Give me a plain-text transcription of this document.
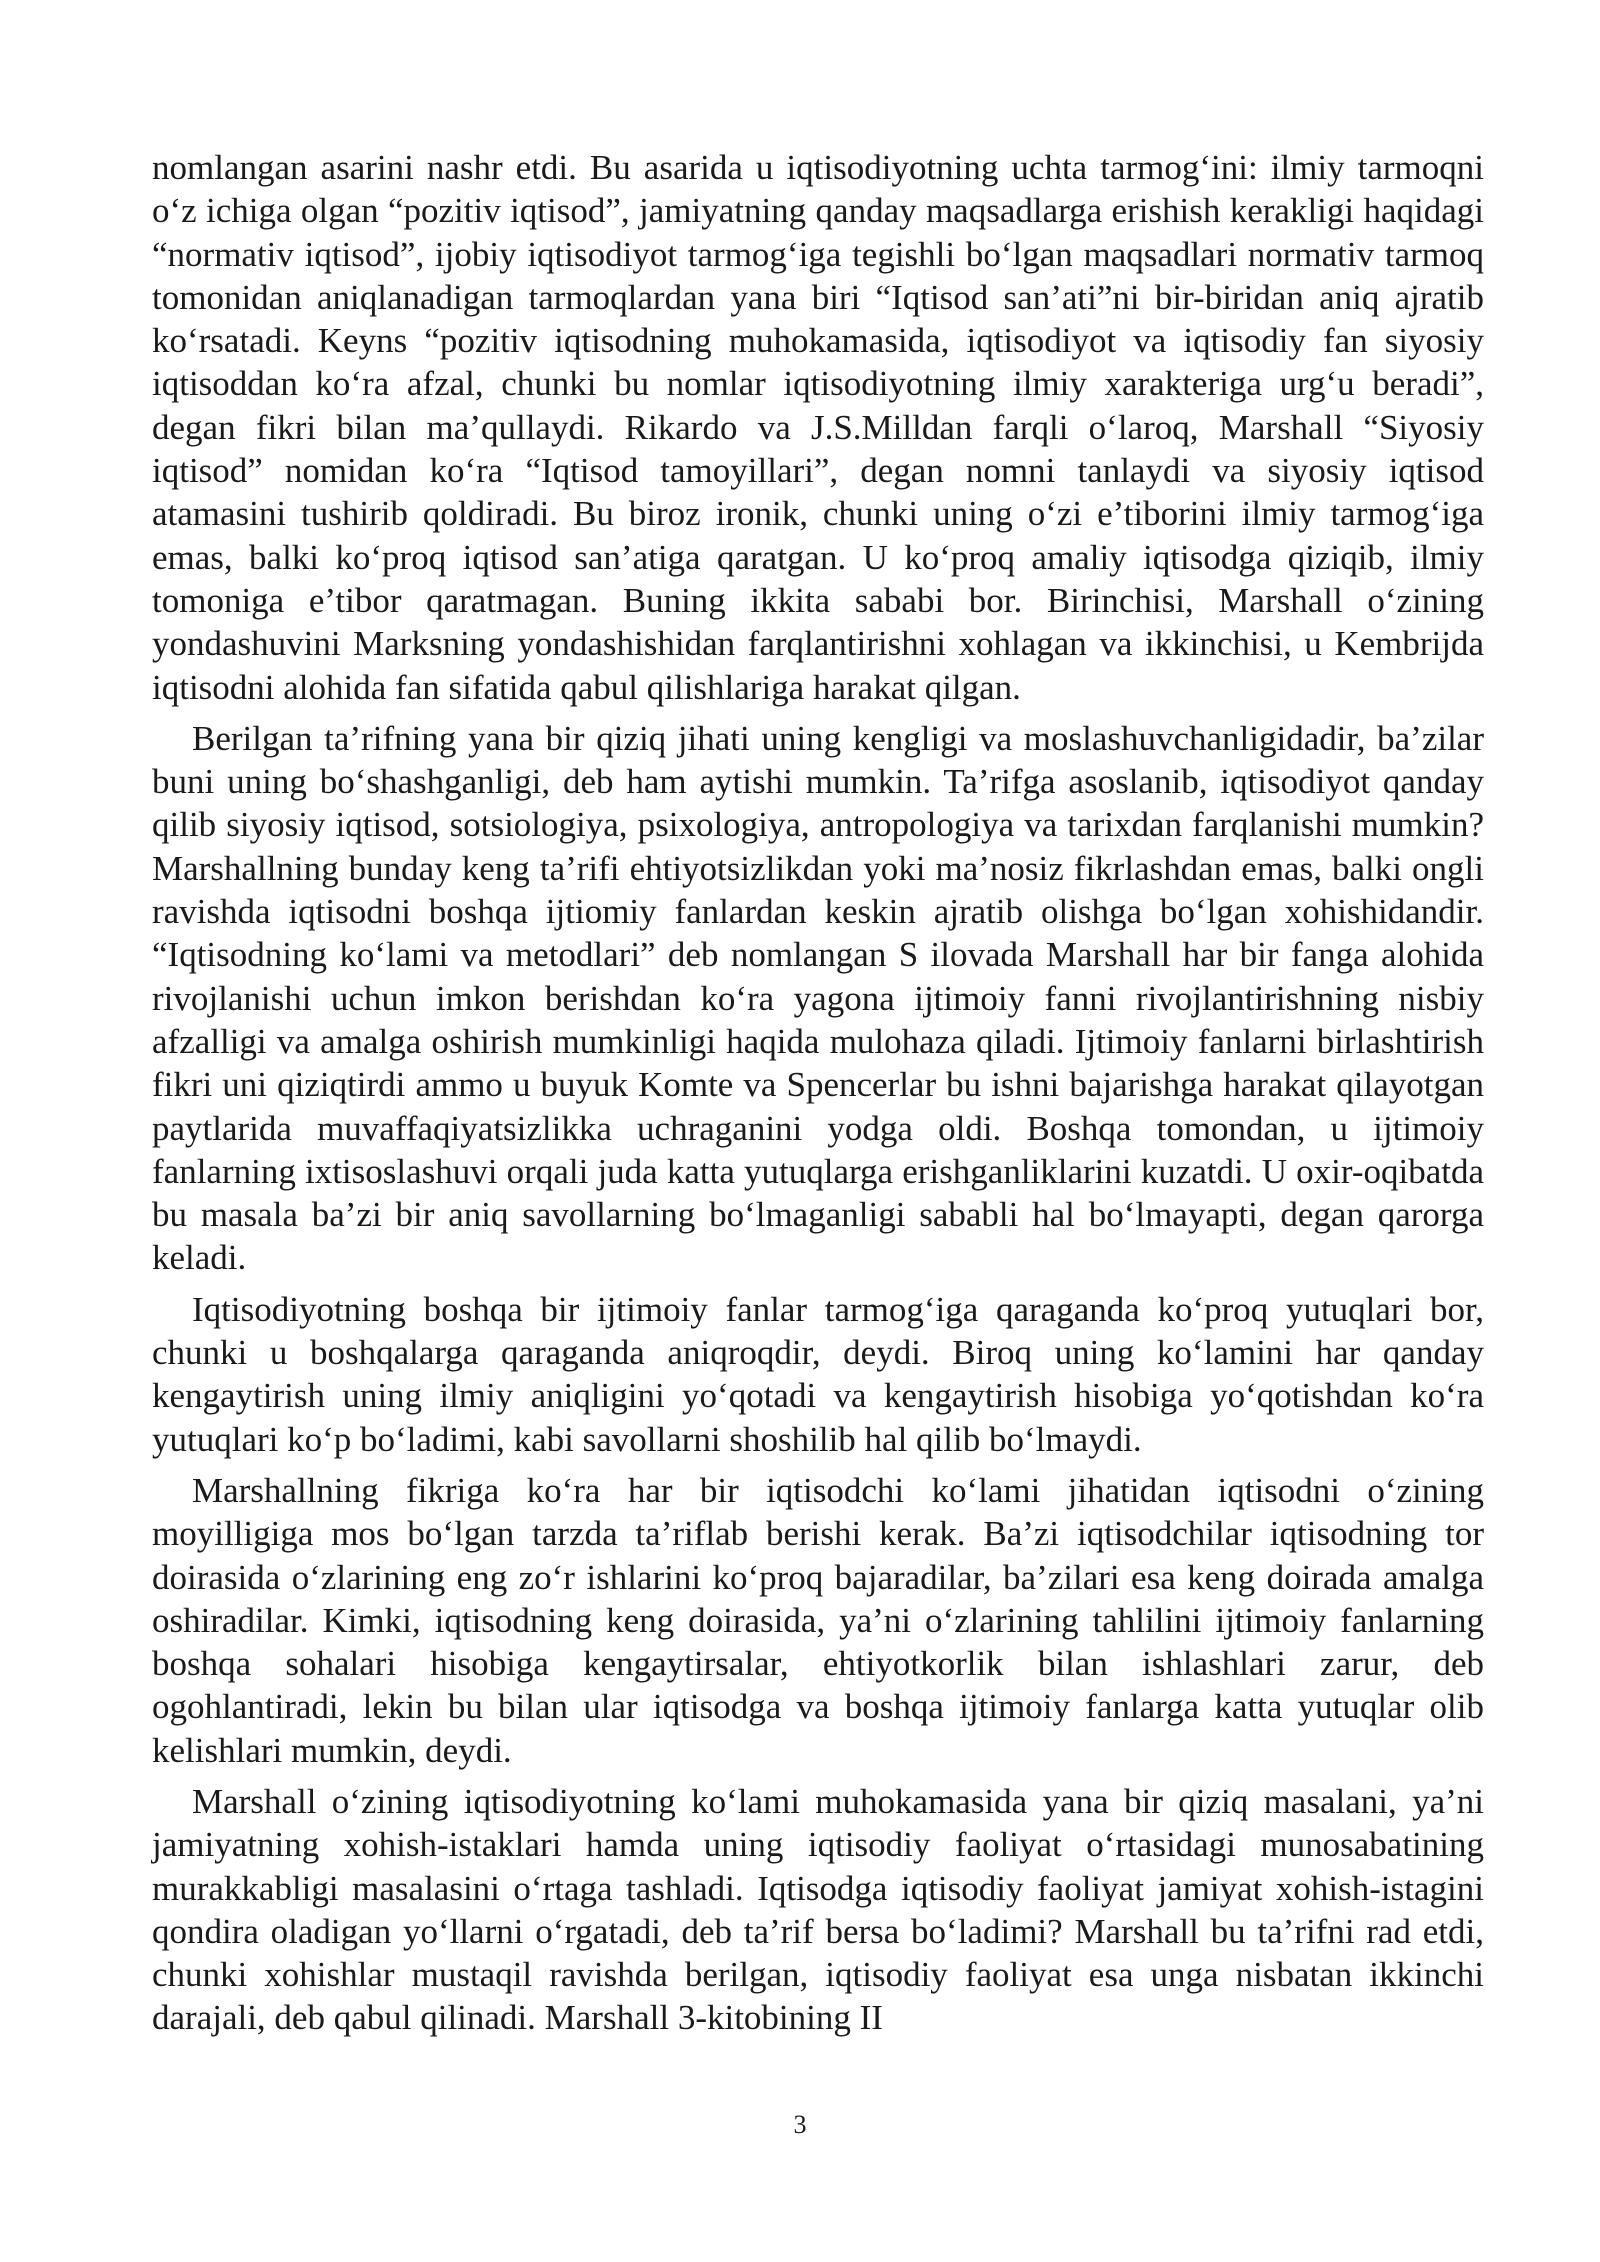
nomlangan asarini nashr etdi. Bu asarida u iqtisodiyotning uchta tarmog‘ini: ilmiy tarmoqni o‘z ichiga olgan “pozitiv iqtisod”, jamiyatning qanday maqsadlarga erishish kerakligi haqidagi “normativ iqtisod”, ijobiy iqtisodiyot tarmog‘iga tegishli bo‘lgan maqsadlari normativ tarmoq tomonidan aniqlanadigan tarmoqlardan yana biri “Iqtisod san’ati”ni bir-biridan aniq ajratib ko‘rsatadi. Keyns “pozitiv iqtisodning muhokamasida, iqtisodiyot va iqtisodiy fan siyosiy iqtisoddan ko‘ra afzal, chunki bu nomlar iqtisodiyotning ilmiy xarakteriga urg‘u beradi”, degan fikri bilan ma’qullaydi. Rikardo va J.S.Milldan farqli o‘laroq, Marshall “Siyosiy iqtisod” nomidan ko‘ra “Iqtisod tamoyillari”, degan nomni tanlaydi va siyosiy iqtisod atamasini tushirib qoldiradi. Bu biroz ironik, chunki uning o‘zi e’tiborini ilmiy tarmog‘iga emas, balki ko‘proq iqtisod san’atiga qaratgan. U ko‘proq amaliy iqtisodga qiziqib, ilmiy tomoniga e’tibor qaratmagan. Buning ikkita sababi bor. Birinchisi, Marshall o‘zining yondashuvini Marksning yondashishidan farqlantirishni xohlagan va ikkinchisi, u Kembrijda iqtisodni alohida fan sifatida qabul qilishlariga harakat qilgan.

Berilgan ta’rifning yana bir qiziq jihati uning kengligi va moslashuvchanligidadir, ba’zilar buni uning bo‘shashganligi, deb ham aytishi mumkin. Ta’rifga asoslanib, iqtisodiyot qanday qilib siyosiy iqtisod, sotsiologiya, psixologiya, antropologiya va tarixdan farqlanishi mumkin? Marshallning bunday keng ta’rifi ehtiyotsizlikdan yoki ma’nosiz fikrlashdan emas, balki ongli ravishda iqtisodni boshqa ijtiomiy fanlardan keskin ajratib olishga bo‘lgan xohishidandir. “Iqtisodning ko‘lami va metodlari” deb nomlangan S ilovada Marshall har bir fanga alohida rivojlanishi uchun imkon berishdan ko‘ra yagona ijtimoiy fanni rivojlantirishning nisbiy afzalligi va amalga oshirish mumkinligi haqida mulohaza qiladi. Ijtimoiy fanlarni birlashtirish fikri uni qiziqtirdi ammo u buyuk Komte va Spencerlar bu ishni bajarishga harakat qilayotgan paytlarida muvaffaqiyatsizlikka uchraganini yodga oldi. Boshqa tomondan, u ijtimoiy fanlarning ixtisoslashuvi orqali juda katta yutuqlarga erishganliklarini kuzatdi. U oxir-oqibatda bu masala ba’zi bir aniq savollarning bo‘lmaganligi sababli hal bo‘lmayapti, degan qarorga keladi.

Iqtisodiyotning boshqa bir ijtimoiy fanlar tarmog‘iga qaraganda ko‘proq yutuqlari bor, chunki u boshqalarga qaraganda aniqroqdir, deydi. Biroq uning ko‘lamini har qanday kengaytirish uning ilmiy aniqligini yo‘qotadi va kengaytirish hisobiga yo‘qotishdan ko‘ra yutuqlari ko‘p bo‘ladimi, kabi savollarni shoshilib hal qilib bo‘lmaydi.

Marshallning fikriga ko‘ra har bir iqtisodchi ko‘lami jihatidan iqtisodni o‘zining moyilligiga mos bo‘lgan tarzda ta’riflab berishi kerak. Ba’zi iqtisodchilar iqtisodning tor doirasida o‘zlarining eng zo‘r ishlarini ko‘proq bajaradilar, ba’zilari esa keng doirada amalga oshiradilar. Kimki, iqtisodning keng doirasida, ya’ni o‘zlarining tahlilini ijtimoiy fanlarning boshqa sohalari hisobiga kengaytirsalar, ehtiyotkorlik bilan ishlashlari zarur, deb ogohlantiradi, lekin bu bilan ular iqtisodga va boshqa ijtimoiy fanlarga katta yutuqlar olib kelishlari mumkin, deydi.

Marshall o‘zining iqtisodiyotning ko‘lami muhokamasida yana bir qiziq masalani, ya’ni jamiyatning xohish-istaklari hamda uning iqtisodiy faoliyat o‘rtasidagi munosabatining murakkabligi masalasini o‘rtaga tashladi. Iqtisodga iqtisodiy faoliyat jamiyat xohish-istagini qondira oladigan yo‘llarni o‘rgatadi, deb ta’rif bersa bo‘ladimi? Marshall bu ta’rifni rad etdi, chunki xohishlar mustaqil ravishda berilgan, iqtisodiy faoliyat esa unga nisbatan ikkinchi darajali, deb qabul qilinadi. Marshall 3-kitobining II

3
